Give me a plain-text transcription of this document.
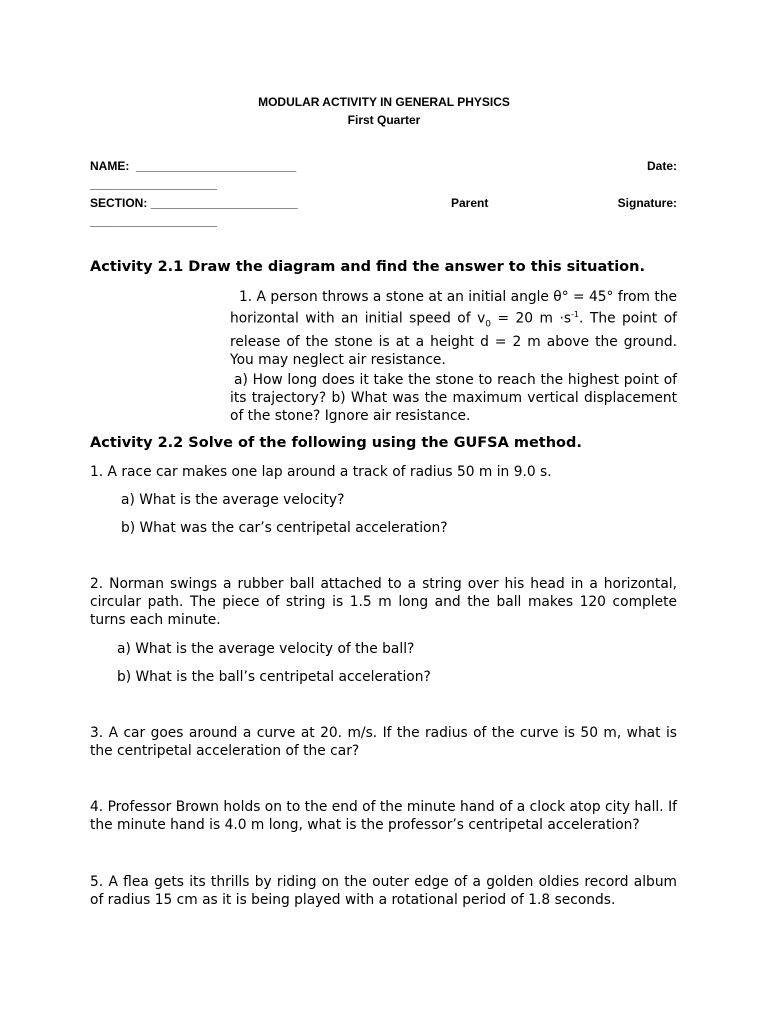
MODULAR ACTIVITY IN GENERAL PHYSICS
First Quarter
NAME: ________________________	Date:
___________________
SECTION: ______________________	Parent	Signature:
___________________
Activity 2.1 Draw the diagram and find the answer to this situation.
1. A person throws a stone at an initial angle θ° = 45° from the horizontal with an initial speed of $v_0 = 20$ $m \cdot s^{-1}$. The point of release of the stone is at a height d = 2 m above the ground. You may neglect air resistance.
a) How long does it take the stone to reach the highest point of its trajectory? b) What was the maximum vertical displacement of the stone? Ignore air resistance.
Activity 2.2 Solve of the following using the GUFSA method.
1. A race car makes one lap around a track of radius 50 m in 9.0 s.
a) What is the average velocity?
b) What was the car’s centripetal acceleration?
2. Norman swings a rubber ball attached to a string over his head in a horizontal, circular path. The piece of string is 1.5 m long and the ball makes 120 complete turns each minute.
a) What is the average velocity of the ball?
b) What is the ball’s centripetal acceleration?
3. A car goes around a curve at 20. m/s. If the radius of the curve is 50 m, what is the centripetal acceleration of the car?
4. Professor Brown holds on to the end of the minute hand of a clock atop city hall. If the minute hand is 4.0 m long, what is the professor’s centripetal acceleration?
5. A flea gets its thrills by riding on the outer edge of a golden oldies record album of radius 15 cm as it is being played with a rotational period of 1.8 seconds.
